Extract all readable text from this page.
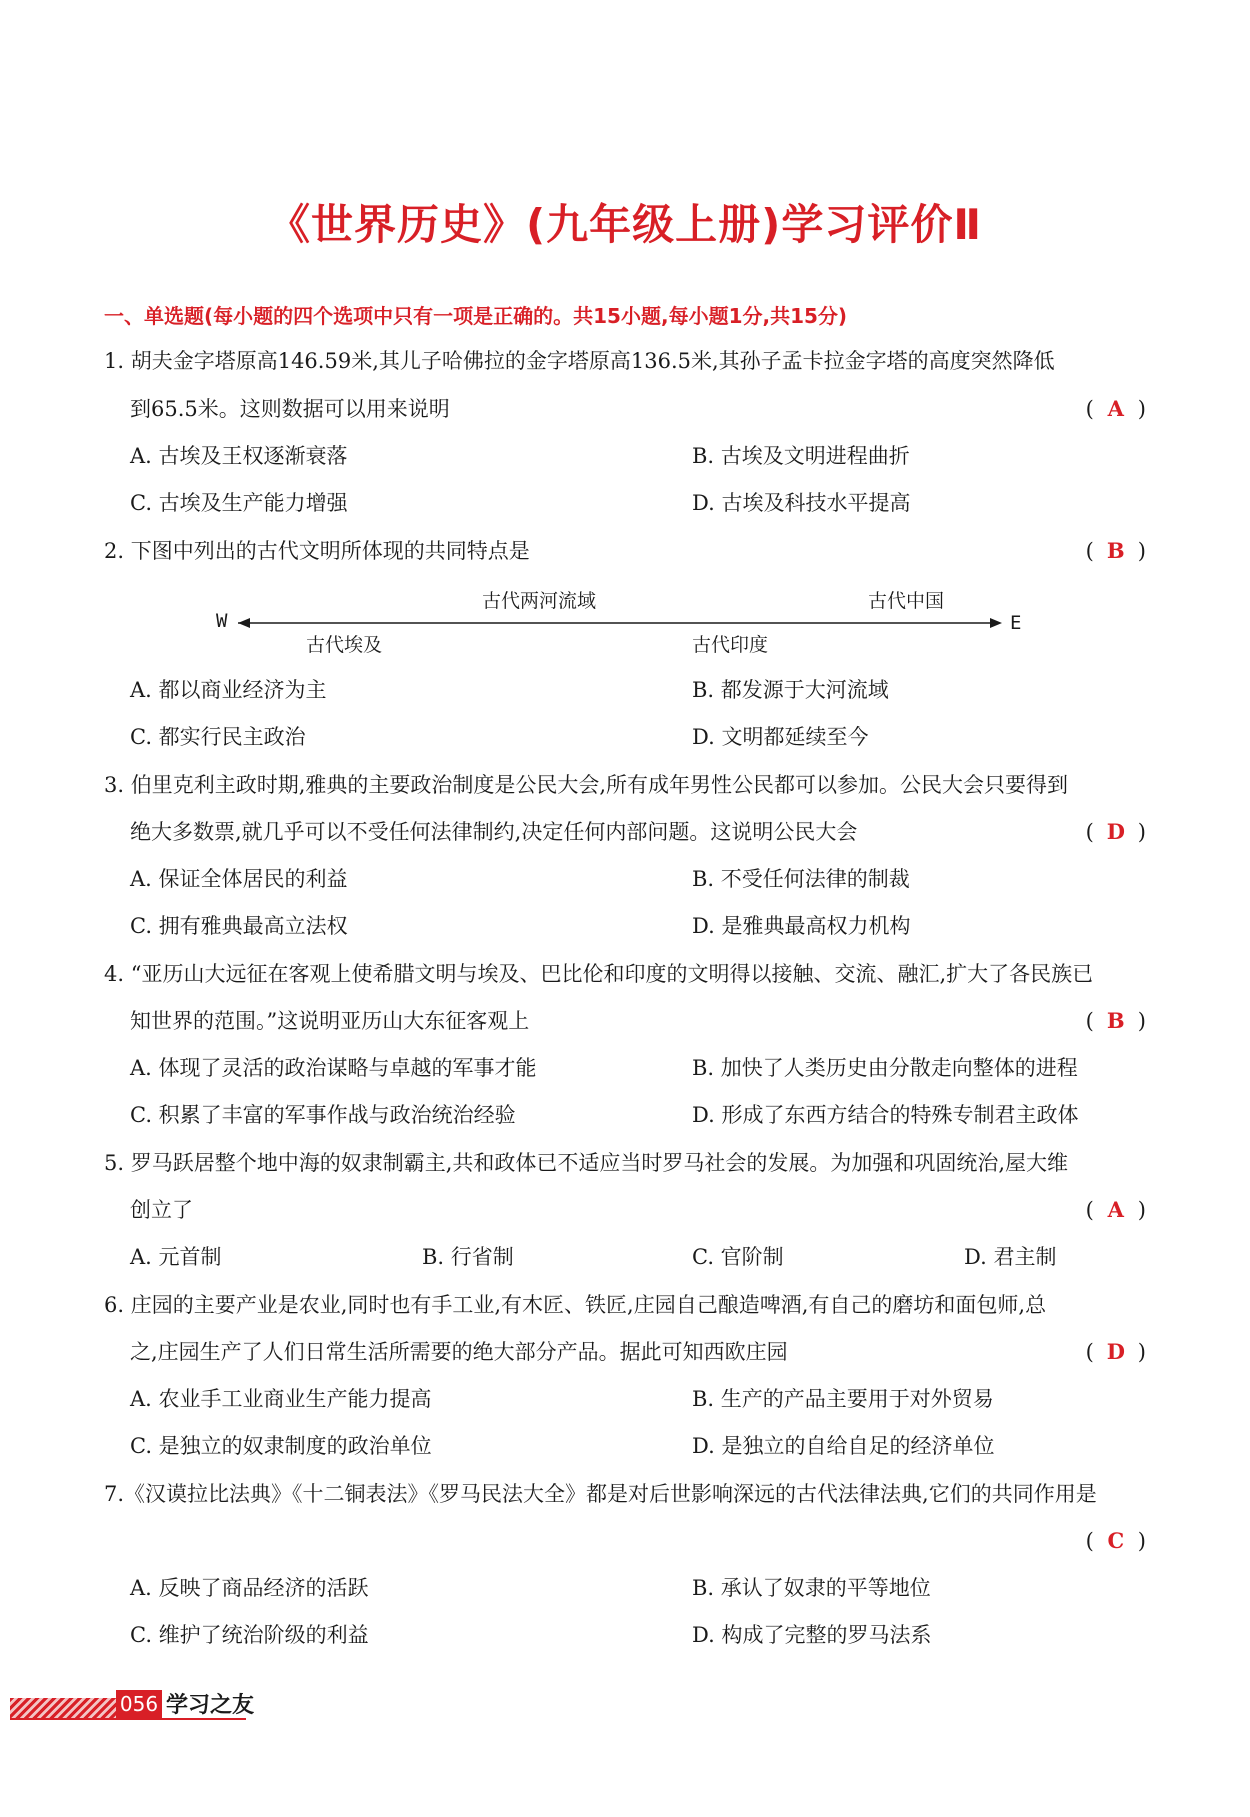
《世界历史》(九年级上册)学习评价Ⅱ
一、单选题(每小题的四个选项中只有一项是正确的。共15小题,每小题1分,共15分)
1. 胡夫金字塔原高146.59米,其儿子哈佛拉的金字塔原高136.5米,其孙子孟卡拉金字塔的高度突然降低
到65.5米。这则数据可以用来说明	( A )
A. 古埃及王权逐渐衰落	B. 古埃及文明进程曲折
C. 古埃及生产能力增强	D. 古埃及科技水平提高
2. 下图中列出的古代文明所体现的共同特点是	( B )
W	E
古代两河流域	古代中国
古代埃及	古代印度
A. 都以商业经济为主	B. 都发源于大河流域
C. 都实行民主政治	D. 文明都延续至今
3. 伯里克利主政时期,雅典的主要政治制度是公民大会,所有成年男性公民都可以参加。公民大会只要得到
绝大多数票,就几乎可以不受任何法律制约,决定任何内部问题。这说明公民大会	( D )
A. 保证全体居民的利益	B. 不受任何法律的制裁
C. 拥有雅典最高立法权	D. 是雅典最高权力机构
4. “亚历山大远征在客观上使希腊文明与埃及、巴比伦和印度的文明得以接触、交流、融汇,扩大了各民族已
知世界的范围。”这说明亚历山大东征客观上	( B )
A. 体现了灵活的政治谋略与卓越的军事才能	B. 加快了人类历史由分散走向整体的进程
C. 积累了丰富的军事作战与政治统治经验	D. 形成了东西方结合的特殊专制君主政体
5. 罗马跃居整个地中海的奴隶制霸主,共和政体已不适应当时罗马社会的发展。为加强和巩固统治,屋大维
创立了	( A )
A. 元首制	B. 行省制	C. 官阶制	D. 君主制
6. 庄园的主要产业是农业,同时也有手工业,有木匠、铁匠,庄园自己酿造啤酒,有自己的磨坊和面包师,总
之,庄园生产了人们日常生活所需要的绝大部分产品。据此可知西欧庄园	( D )
A. 农业手工业商业生产能力提高	B. 生产的产品主要用于对外贸易
C. 是独立的奴隶制度的政治单位	D. 是独立的自给自足的经济单位
7.《汉谟拉比法典》《十二铜表法》《罗马民法大全》都是对后世影响深远的古代法律法典,它们的共同作用是
( C )
A. 反映了商品经济的活跃	B. 承认了奴隶的平等地位
C. 维护了统治阶级的利益	D. 构成了完整的罗马法系
056 学习之友
